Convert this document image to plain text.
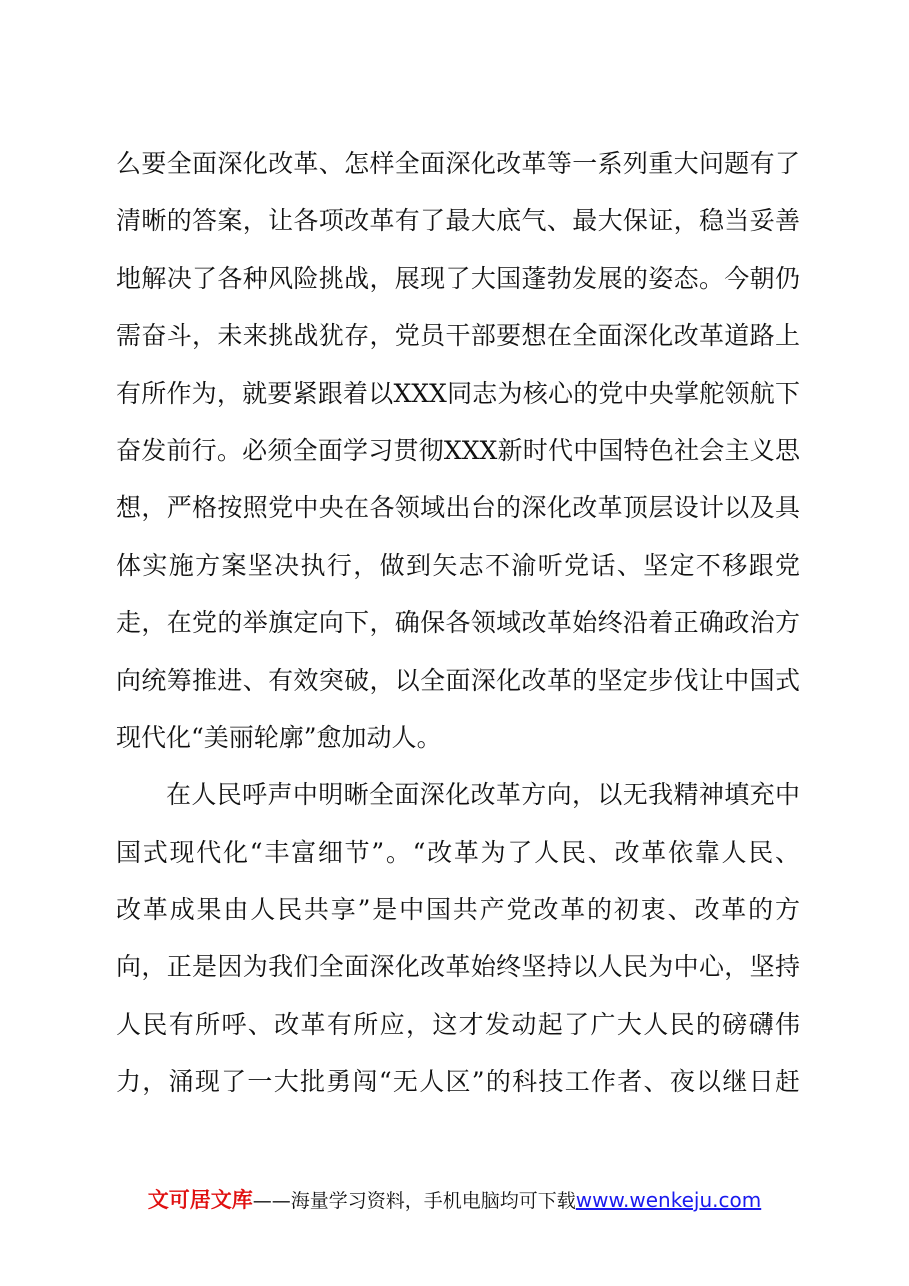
么要全面深化改革、怎样全面深化改革等一系列重大问题有了
清晰的答案，让各项改革有了最大底气、最大保证，稳当妥善
地解决了各种风险挑战，展现了大国蓬勃发展的姿态。今朝仍
需奋斗，未来挑战犹存，党员干部要想在全面深化改革道路上
有所作为，就要紧跟着以XXX同志为核心的党中央掌舵领航下
奋发前行。必须全面学习贯彻XXX新时代中国特色社会主义思
想，严格按照党中央在各领域出台的深化改革顶层设计以及具
体实施方案坚决执行，做到矢志不渝听党话、坚定不移跟党
走，在党的举旗定向下，确保各领域改革始终沿着正确政治方
向统筹推进、有效突破，以全面深化改革的坚定步伐让中国式
现代化“美丽轮廓”愈加动人。
在人民呼声中明晰全面深化改革方向，以无我精神填充中
国式现代化“丰富细节”。“改革为了人民、改革依靠人民、
改革成果由人民共享”是中国共产党改革的初衷、改革的方
向，正是因为我们全面深化改革始终坚持以人民为中心，坚持
人民有所呼、改革有所应，这才发动起了广大人民的磅礴伟
力，涌现了一大批勇闯“无人区”的科技工作者、夜以继日赶
文可居文库——海量学习资料，手机电脑均可下载www.wenkeju.com
